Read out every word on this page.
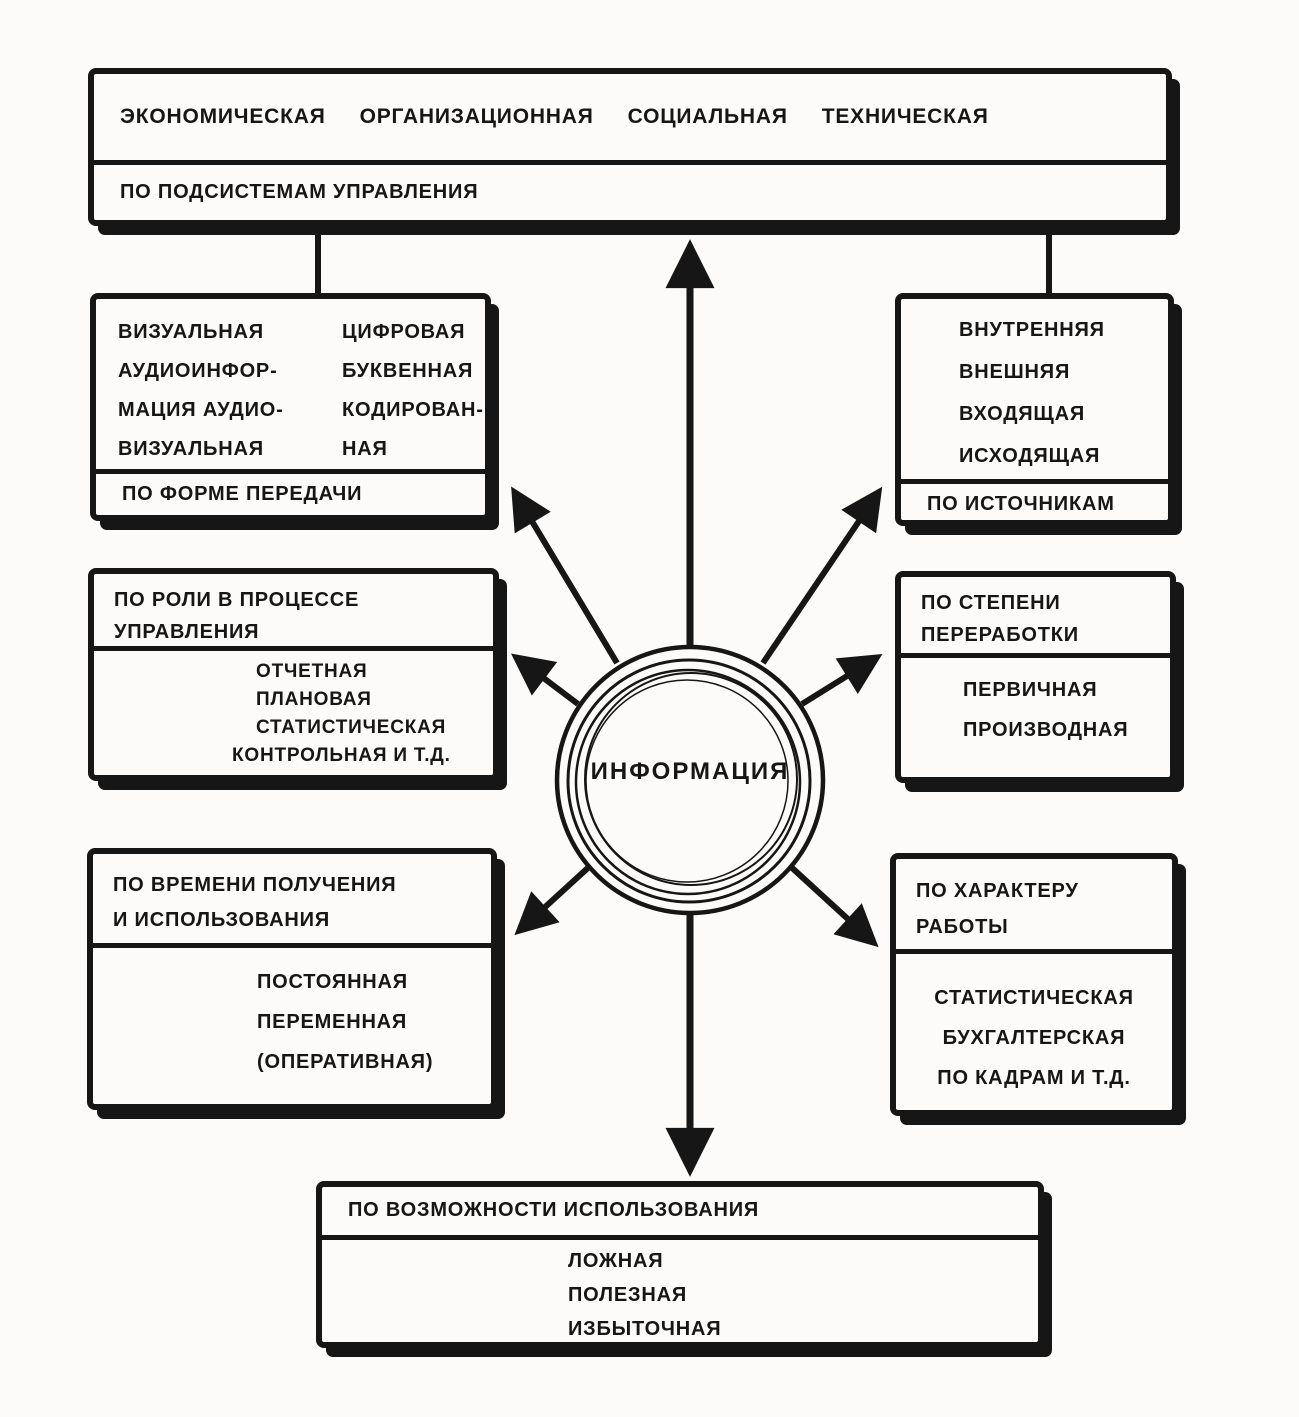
ИНФОРМАЦИЯ
ЭКОНОМИЧЕСКАЯ ОРГАНИЗАЦИОННАЯ СОЦИАЛЬНАЯ ТЕХНИЧЕСКАЯ
ПО ПОДСИСТЕМАМ УПРАВЛЕНИЯ
ВИЗУАЛЬНАЯ
АУДИОИНФОР-
МАЦИЯ АУДИО-
ВИЗУАЛЬНАЯ
ЦИФРОВАЯ
БУКВЕННАЯ
КОДИРОВАН-
НАЯ
ПО ФОРМЕ ПЕРЕДАЧИ
ВНУТРЕННЯЯ
ВНЕШНЯЯ
ВХОДЯЩАЯ
ИСХОДЯЩАЯ
ПО ИСТОЧНИКАМ
ПО РОЛИ В ПРОЦЕССЕ
УПРАВЛЕНИЯ
ОТЧЕТНАЯ
ПЛАНОВАЯ
СТАТИСТИЧЕСКАЯ
КОНТРОЛЬНАЯ И Т.Д.
ПО СТЕПЕНИ
ПЕРЕРАБОТКИ
ПЕРВИЧНАЯ
ПРОИЗВОДНАЯ
ПО ВРЕМЕНИ ПОЛУЧЕНИЯ
И ИСПОЛЬЗОВАНИЯ
ПОСТОЯННАЯ
ПЕРЕМЕННАЯ
(ОПЕРАТИВНАЯ)
ПО ХАРАКТЕРУ
РАБОТЫ
СТАТИСТИЧЕСКАЯ
БУХГАЛТЕРСКАЯ
ПО КАДРАМ И Т.Д.
ПО ВОЗМОЖНОСТИ ИСПОЛЬЗОВАНИЯ
ЛОЖНАЯ
ПОЛЕЗНАЯ
ИЗБЫТОЧНАЯ
